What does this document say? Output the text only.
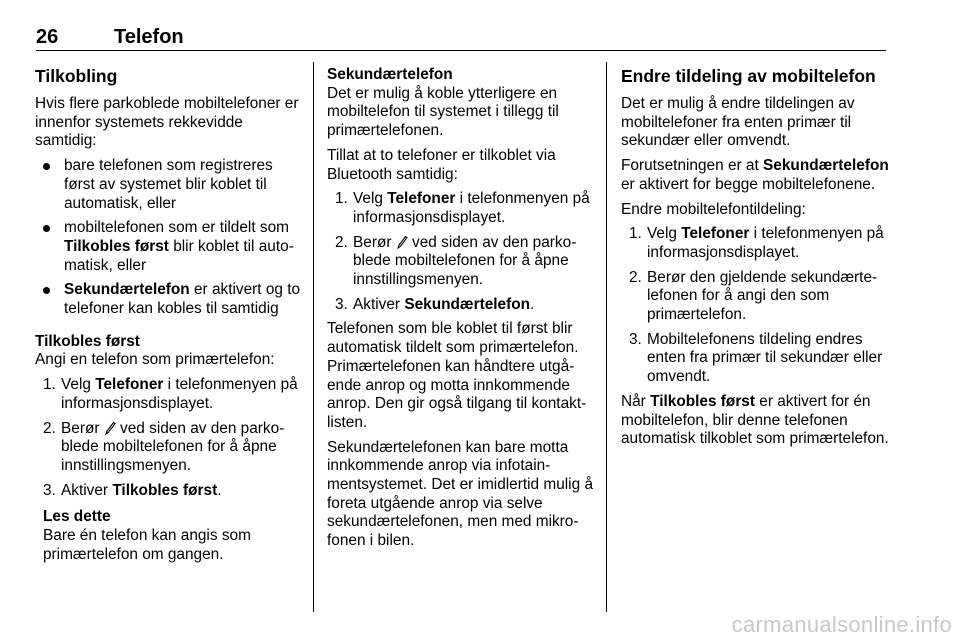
26	Telefon
Tilkobling

Hvis flere parkoblede mobiltelefoner er innenfor systemets rekkevidde samtidig:

bare telefonen som registreres først av systemet blir koblet til automatisk, eller
mobiltelefonen som er tildelt som Tilkobles først blir koblet til automatisk, eller
Sekundærtelefon er aktivert og to telefoner kan kobles til samtidig
Tilkobles først

Angi en telefon som primærtelefon:

1. Velg Telefoner i telefonmenyen på informasjonsdisplayet.
2. Berør  ved siden av den parkoblede mobiltelefonen for å åpne innstillingsmenyen.
3. Aktiver Tilkobles først.

Les dette

Bare én telefon kan angis som primærtelefon om gangen.

Sekundærtelefon

Det er mulig å koble ytterligere en mobiltelefon til systemet i tillegg til primærtelefonen.

Tillat at to telefoner er tilkoblet via Bluetooth samtidig:

1. Velg Telefoner i telefonmenyen på informasjonsdisplayet.
2. Berør  ved siden av den parkoblede mobiltelefonen for å åpne innstillingsmenyen.
3. Aktiver Sekundærtelefon.

Telefonen som ble koblet til først blir automatisk tildelt som primærtelefon. Primærtelefonen kan håndtere utgående anrop og motta innkommende anrop. Den gir også tilgang til kontaktlisten.

Sekundærtelefonen kan bare motta innkommende anrop via infotainmentsystemet. Det er imidlertid mulig å foreta utgående anrop via selve sekundærtelefonen, men med mikrofonen i bilen.

Endre tildeling av mobiltelefon

Det er mulig å endre tildelingen av mobiltelefoner fra enten primær til sekundær eller omvendt.

Forutsetningen er at Sekundærtelefon er aktivert for begge mobiltelefonene.

Endre mobiltelefontildeling:

1. Velg Telefoner i telefonmenyen på informasjonsdisplayet.
2. Berør den gjeldende sekundærtelefonen for å angi den som primærtelefon.
3. Mobiltelefonens tildeling endres enten fra primær til sekundær eller omvendt.

Når Tilkobles først er aktivert for én mobiltelefon, blir denne telefonen automatisk tilkoblet som primærtelefon.

carmanualsonline.info
